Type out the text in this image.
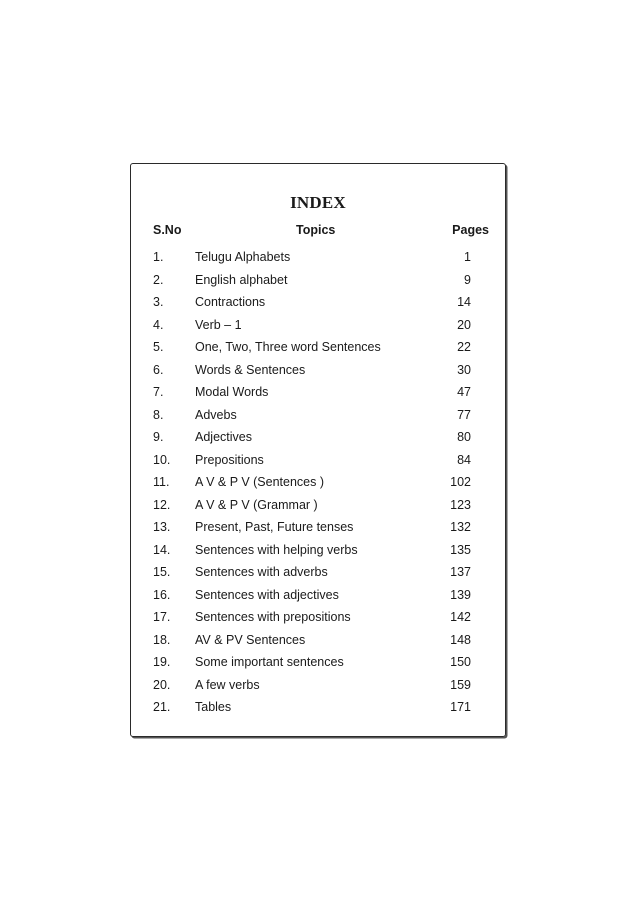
INDEX
S.No	Topics	Pages
1.	Telugu Alphabets	1
2.	English alphabet	9
3.	Contractions	14
4.	Verb – 1	20
5.	One, Two, Three word Sentences	22
6.	Words & Sentences	30
7.	Modal Words	47
8.	Advebs	77
9.	Adjectives	80
10. Prepositions	84
11. A V & P V (Sentences )	102
12. A V & P V (Grammar )	123
13. Present, Past, Future tenses	132
14. Sentences with helping verbs	135
15. Sentences with adverbs	137
16. Sentences with adjectives	139
17. Sentences with prepositions	142
18. AV & PV Sentences	148
19. Some important sentences	150
20. A few verbs	159
21. Tables	171
